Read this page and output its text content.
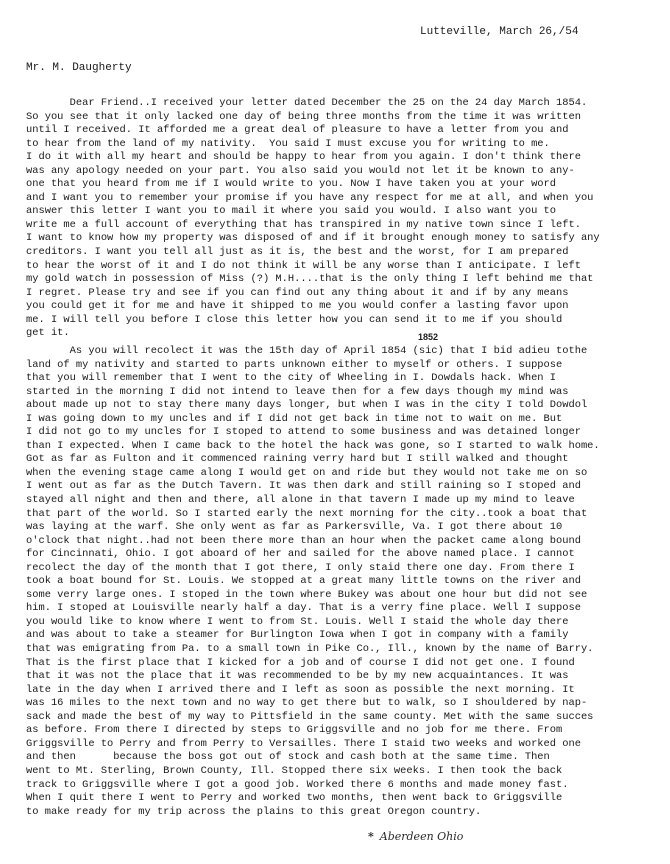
Lutteville, March 26,/54
Mr. M. Daugherty
Dear Friend..I received your letter dated December the 25 on the 24 day March 1854.
So you see that it only lacked one day of being three months from the time it was written
until I received. It afforded me a great deal of pleasure to have a letter from you and
to hear from the land of my nativity.  You said I must excuse you for writing to me.
I do it with all my heart and should be happy to hear from you again. I don't think there
was any apology needed on your part. You also said you would not let it be known to any-
one that you heard from me if I would write to you. Now I have taken you at your word
and I want you to remember your promise if you have any respect for me at all, and when you
answer this letter I want you to mail it where you said you would. I also want you to
write me a full account of everything that has transpired in my native town since I left.
I want to know how my property was disposed of and if it brought enough money to satisfy any
creditors. I want you tell all just as it is, the best and the worst, for I am prepared
to hear the worst of it and I do not think it will be any worse than I anticipate. I left
my gold watch in possession of Miss (?) M.H....that is the only thing I left behind me that
I regret. Please try and see if you can find out any thing about it and if by any means
you could get it for me and have it shipped to me you would confer a lasting favor upon
me. I will tell you before I close this letter how you can send it to me if you should
get it.	1852
As you will recolect it was the 15th day of April 1854 (sic) that I bid adieu tothe
land of my nativity and started to parts unknown either to myself or others. I suppose
that you will remember that I went to the city of Wheeling in I. Dowdals hack. When I
started in the morning I did not intend to leave then for a few days though my mind was
about made up not to stay there many days longer, but when I was in the city I told Dowdol
I was going down to my uncles and if I did not get back in time not to wait on me. But
I did not go to my uncles for I stoped to attend to some business and was detained longer
than I expected. When I came back to the hotel the hack was gone, so I started to walk home.
Got as far as Fulton and it commenced raining verry hard but I still walked and thought
when the evening stage came along I would get on and ride but they would not take me on so
I went out as far as the Dutch Tavern. It was then dark and still raining so I stoped and
stayed all night and then and there, all alone in that tavern I made up my mind to leave
that part of the world. So I started early the next morning for the city..took a boat that
was laying at the warf. She only went as far as Parkersville, Va. I got there about 10
o'clock that night..had not been there more than an hour when the packet came along bound
for Cincinnati, Ohio. I got aboard of her and sailed for the above named place. I cannot
recolect the day of the month that I got there, I only staid there one day. From there I
took a boat bound for St. Louis. We stopped at a great many little towns on the river and
some verry large ones. I stoped in the town where Bukey was about one hour but did not see
him. I stoped at Louisville nearly half a day. That is a verry fine place. Well I suppose
you would like to know where I went to from St. Louis. Well I staid the whole day there
and was about to take a steamer for Burlington Iowa when I got in company with a family
that was emigrating from Pa. to a small town in Pike Co., Ill., known by the name of Barry.
That is the first place that I kicked for a job and of course I did not get one. I found
that it was not the place that it was recommended to be by my new acquaintances. It was
late in the day when I arrived there and I left as soon as possible the next morning. It
was 16 miles to the next town and no way to get there but to walk, so I shouldered by nap-
sack and made the best of my way to Pittsfield in the same county. Met with the same succes
as before. From there I directed by steps to Griggsville and no job for me there. From
Griggsville to Perry and from Perry to Versailles. There I staid two weeks and worked one
and then      because the boss got out of stock and cash both at the same time. Then
went to Mt. Sterling, Brown County, Ill. Stopped there six weeks. I then took the back
track to Griggsville where I got a good job. Worked there 6 months and made money fast.
When I quit there I went to Perry and worked two months, then went back to Griggsville
to make ready for my trip across the plains to this great Oregon country.
* Aberdeen Ohio
